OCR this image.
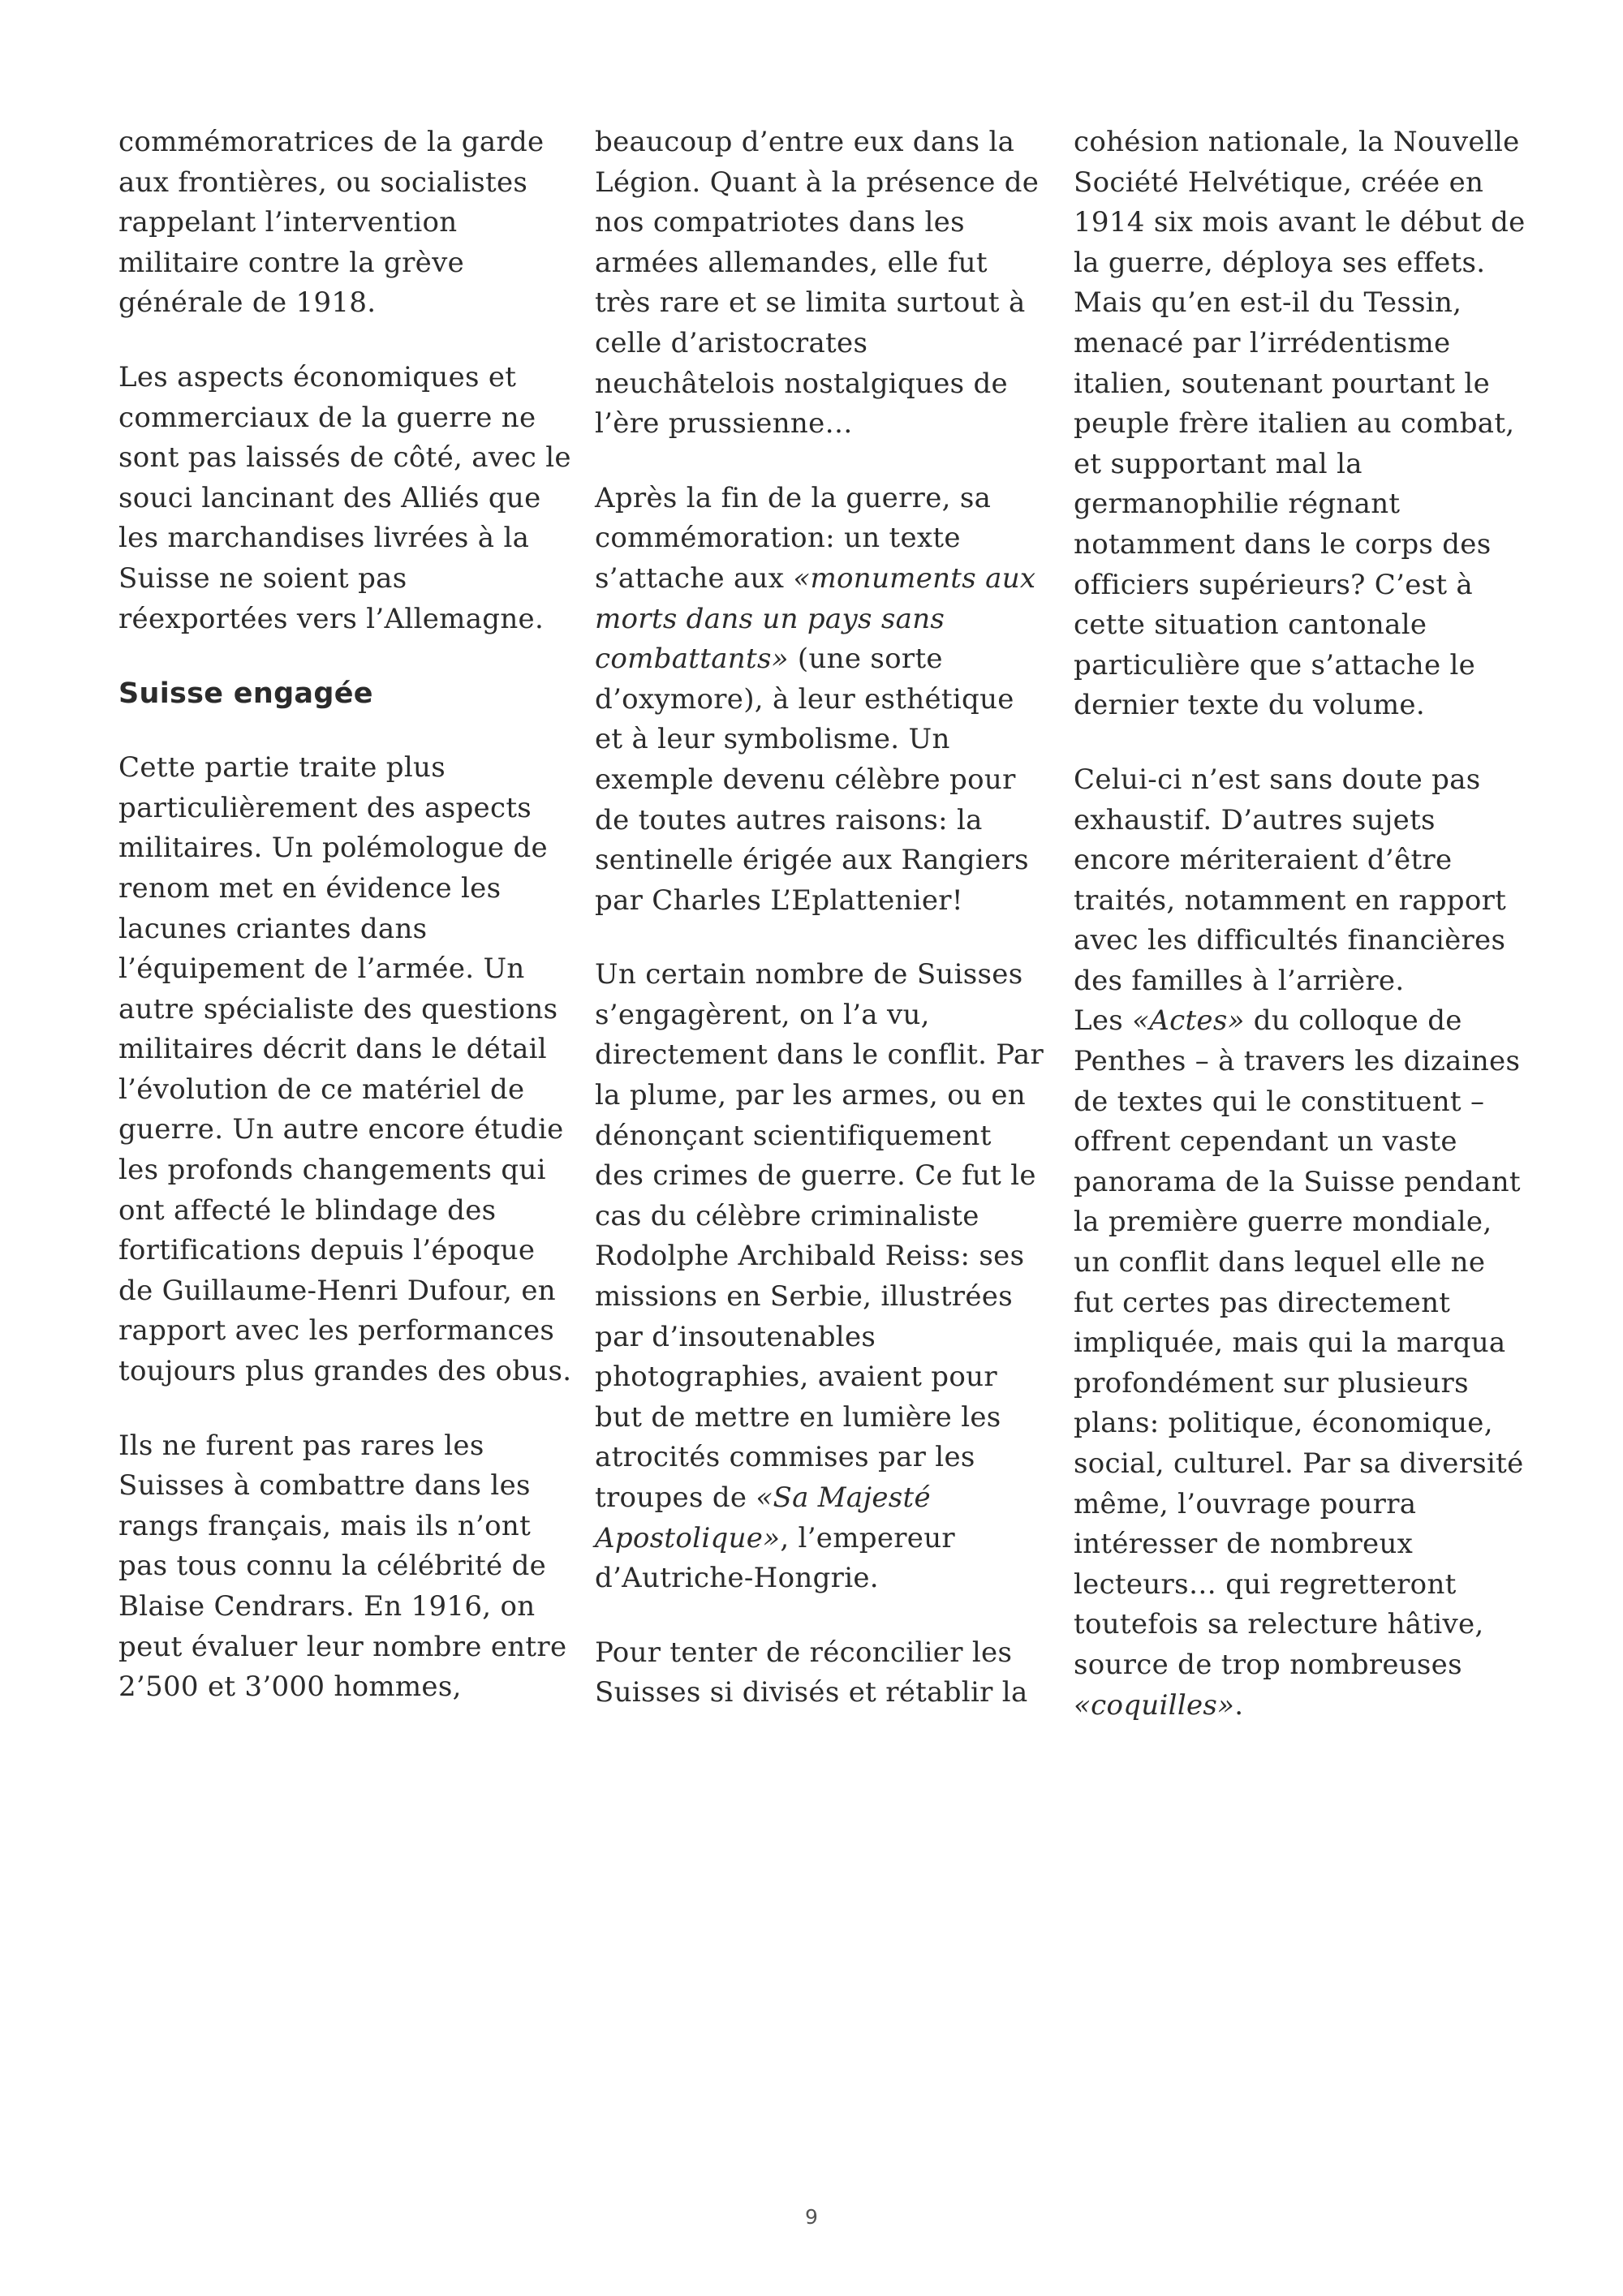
commémoratrices de la garde aux frontières, ou socialistes rappelant l’intervention militaire contre la grève générale de 1918.

Les aspects économiques et commerciaux de la guerre ne sont pas laissés de côté, avec le souci lancinant des Alliés que les marchandises livrées à la Suisse ne soient pas réexportées vers l’Allemagne.

Suisse engagée

Cette partie traite plus particulièrement des aspects militaires. Un polémologue de renom met en évidence les lacunes criantes dans l’équipement de l’armée. Un autre spécialiste des questions militaires décrit dans le détail l’évolution de ce matériel de guerre. Un autre encore étudie les profonds changements qui ont affecté le blindage des fortifications depuis l’époque de Guillaume-Henri Dufour, en rapport avec les performances toujours plus grandes des obus.

Ils ne furent pas rares les Suisses à combattre dans les rangs français, mais ils n’ont pas tous connu la célébrité de Blaise Cendrars. En 1916, on peut évaluer leur nombre entre 2’500 et 3’000 hommes,

beaucoup d’entre eux dans la Légion. Quant à la présence de nos compatriotes dans les armées allemandes, elle fut très rare et se limita surtout à celle d’aristocrates neuchâtelois nostalgiques de l’ère prussienne…

Après la fin de la guerre, sa commémoration: un texte s’attache aux «monuments aux morts dans un pays sans combattants» (une sorte d’oxymore), à leur esthétique et à leur symbolisme. Un exemple devenu célèbre pour de toutes autres raisons: la sentinelle érigée aux Rangiers par Charles L’Eplattenier!

Un certain nombre de Suisses s’engagèrent, on l’a vu, directement dans le conflit. Par la plume, par les armes, ou en dénonçant scientifiquement des crimes de guerre. Ce fut le cas du célèbre criminaliste Rodolphe Archibald Reiss: ses missions en Serbie, illustrées par d’insoutenables photographies, avaient pour but de mettre en lumière les atrocités commises par les troupes de «Sa Majesté Apostolique», l’empereur d’Autriche-Hongrie.

Pour tenter de réconcilier les Suisses si divisés et rétablir la

cohésion nationale, la Nouvelle Société Helvétique, créée en 1914 six mois avant le début de la guerre, déploya ses effets. Mais qu’en est-il du Tessin, menacé par l’irrédentisme italien, soutenant pourtant le peuple frère italien au combat, et supportant mal la germanophilie régnant notamment dans le corps des officiers supérieurs? C’est à cette situation cantonale particulière que s’attache le dernier texte du volume.

Celui-ci n’est sans doute pas exhaustif. D’autres sujets encore mériteraient d’être traités, notamment en rapport avec les difficultés financières des familles à l’arrière.

Les «Actes» du colloque de Penthes – à travers les dizaines de textes qui le constituent – offrent cependant un vaste panorama de la Suisse pendant la première guerre mondiale, un conflit dans lequel elle ne fut certes pas directement impliquée, mais qui la marqua profondément sur plusieurs plans: politique, économique, social, culturel. Par sa diversité même, l’ouvrage pourra intéresser de nombreux lecteurs… qui regretteront toutefois sa relecture hâtive, source de trop nombreuses «coquilles».

9
